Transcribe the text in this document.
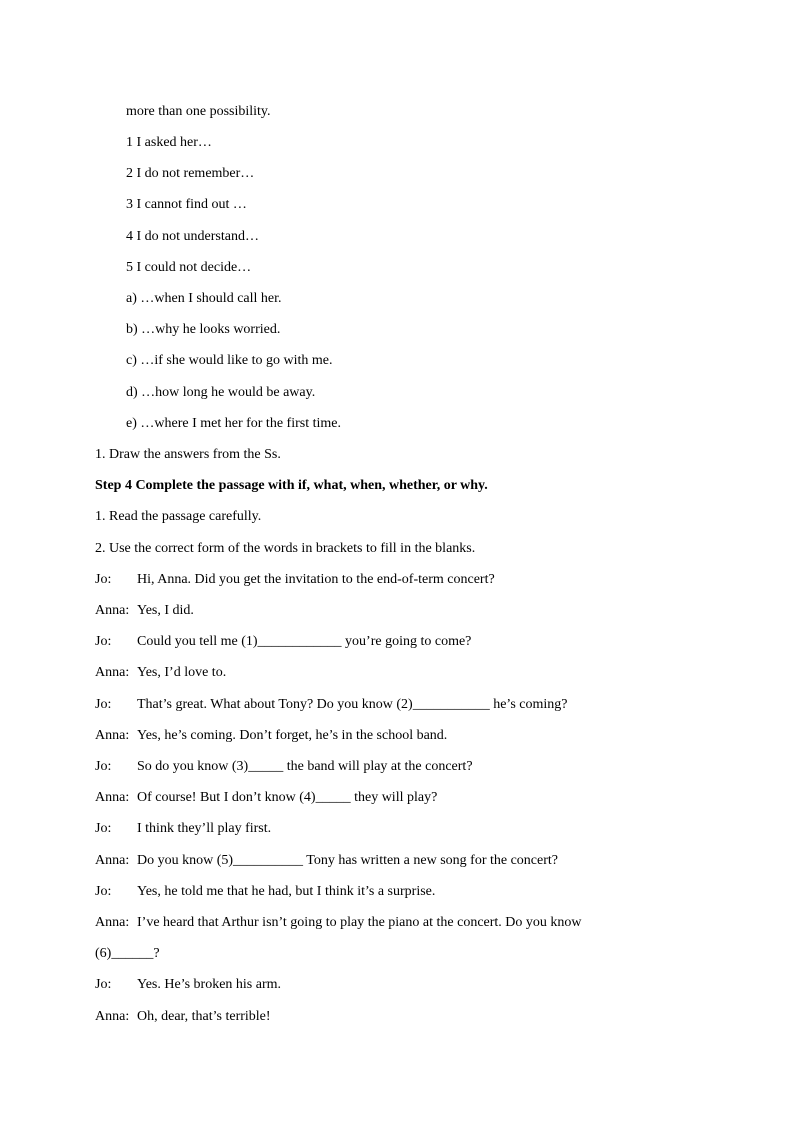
more than one possibility.
1 I asked her…
2 I do not remember…
3 I cannot find out …
4 I do not understand…
5 I could not decide…
a) …when I should call her.
b) …why he looks worried.
c) …if she would like to go with me.
d) …how long he would be away.
e) …where I met her for the first time.
1. Draw the answers from the Ss.
Step 4 Complete the passage with if, what, when, whether, or why.
1. Read the passage carefully.
2. Use the correct form of the words in brackets to fill in the blanks.
Jo: Hi, Anna. Did you get the invitation to the end-of-term concert?
Anna: Yes, I did.
Jo: Could you tell me (1)____________ you’re going to come?
Anna: Yes, I’d love to.
Jo: That’s great. What about Tony? Do you know (2)___________ he’s coming?
Anna: Yes, he’s coming. Don’t forget, he’s in the school band.
Jo: So do you know (3)_____ the band will play at the concert?
Anna: Of course! But I don’t know (4)_____ they will play?
Jo: I think they’ll play first.
Anna: Do you know (5)__________ Tony has written a new song for the concert?
Jo: Yes, he told me that he had, but I think it’s a surprise.
Anna: I’ve heard that Arthur isn’t going to play the piano at the concert. Do you know
(6)______?
Jo: Yes. He’s broken his arm.
Anna: Oh, dear, that’s terrible!
